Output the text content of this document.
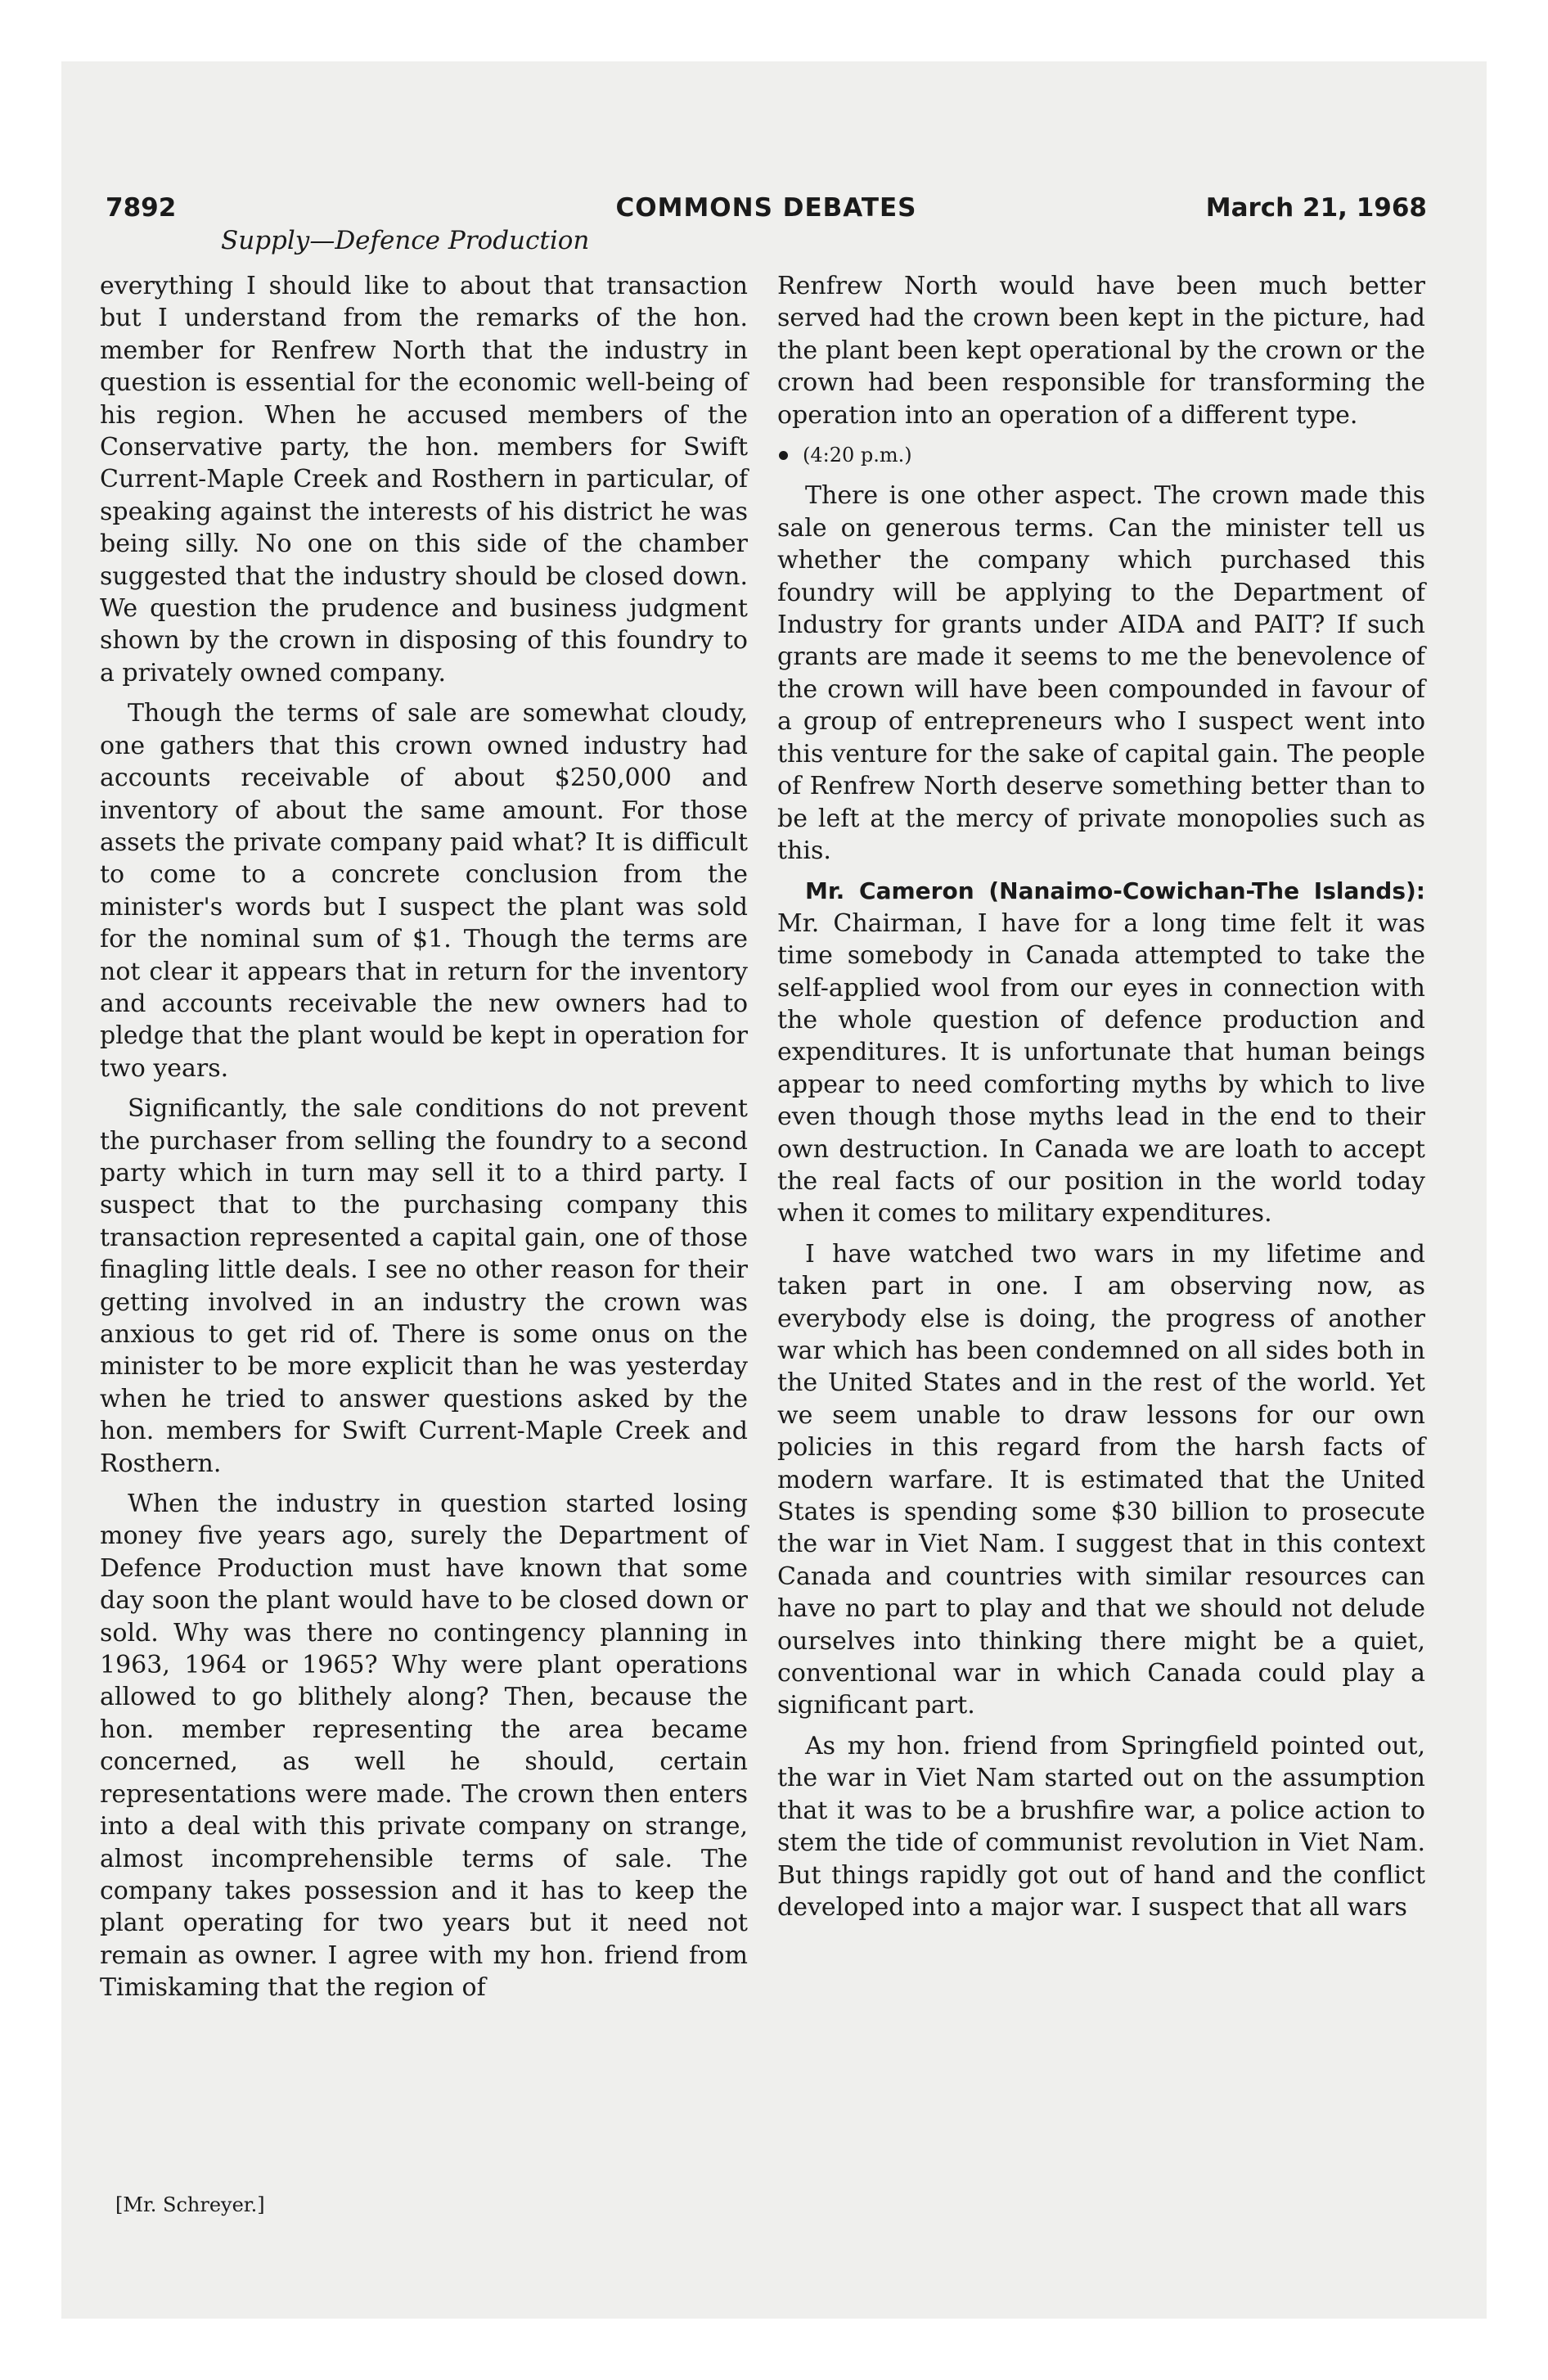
7892	COMMONS DEBATES	March 21, 1968
Supply—Defence Production

everything I should like to about that transaction but I understand from the remarks of the hon. member for Renfrew North that the industry in question is essential for the economic well-being of his region. When he accused members of the Conservative party, the hon. members for Swift Current-Maple Creek and Rosthern in particular, of speaking against the interests of his district he was being silly. No one on this side of the chamber suggested that the industry should be closed down. We question the prudence and business judgment shown by the crown in disposing of this foundry to a privately owned company.

Though the terms of sale are somewhat cloudy, one gathers that this crown owned industry had accounts receivable of about $250,000 and inventory of about the same amount. For those assets the private company paid what? It is difficult to come to a concrete conclusion from the minister's words but I suspect the plant was sold for the nominal sum of $1. Though the terms are not clear it appears that in return for the inventory and accounts receivable the new owners had to pledge that the plant would be kept in operation for two years.

Significantly, the sale conditions do not prevent the purchaser from selling the foundry to a second party which in turn may sell it to a third party. I suspect that to the purchasing company this transaction represented a capital gain, one of those finagling little deals. I see no other reason for their getting involved in an industry the crown was anxious to get rid of. There is some onus on the minister to be more explicit than he was yesterday when he tried to answer questions asked by the hon. members for Swift Current-Maple Creek and Rosthern.

When the industry in question started losing money five years ago, surely the Department of Defence Production must have known that some day soon the plant would have to be closed down or sold. Why was there no contingency planning in 1963, 1964 or 1965? Why were plant operations allowed to go blithely along? Then, because the hon. member representing the area became concerned, as well he should, certain representations were made. The crown then enters into a deal with this private company on strange, almost incomprehensible terms of sale. The company takes possession and it has to keep the plant operating for two years but it need not remain as owner. I agree with my hon. friend from Timiskaming that the region of

Renfrew North would have been much better served had the crown been kept in the picture, had the plant been kept operational by the crown or the crown had been responsible for transforming the operation into an operation of a different type.

(4:20 p.m.)

There is one other aspect. The crown made this sale on generous terms. Can the minister tell us whether the company which purchased this foundry will be applying to the Department of Industry for grants under AIDA and PAIT? If such grants are made it seems to me the benevolence of the crown will have been compounded in favour of a group of entrepreneurs who I suspect went into this venture for the sake of capital gain. The people of Renfrew North deserve something better than to be left at the mercy of private monopolies such as this.

Mr. Cameron (Nanaimo-Cowichan-The Islands): Mr. Chairman, I have for a long time felt it was time somebody in Canada attempted to take the self-applied wool from our eyes in connection with the whole question of defence production and expenditures. It is unfortunate that human beings appear to need comforting myths by which to live even though those myths lead in the end to their own destruction. In Canada we are loath to accept the real facts of our position in the world today when it comes to military expenditures.

I have watched two wars in my lifetime and taken part in one. I am observing now, as everybody else is doing, the progress of another war which has been condemned on all sides both in the United States and in the rest of the world. Yet we seem unable to draw lessons for our own policies in this regard from the harsh facts of modern warfare. It is estimated that the United States is spending some $30 billion to prosecute the war in Viet Nam. I suggest that in this context Canada and countries with similar resources can have no part to play and that we should not delude ourselves into thinking there might be a quiet, conventional war in which Canada could play a significant part.

As my hon. friend from Springfield pointed out, the war in Viet Nam started out on the assumption that it was to be a brushfire war, a police action to stem the tide of communist revolution in Viet Nam. But things rapidly got out of hand and the conflict developed into a major war. I suspect that all wars

[Mr. Schreyer.]
